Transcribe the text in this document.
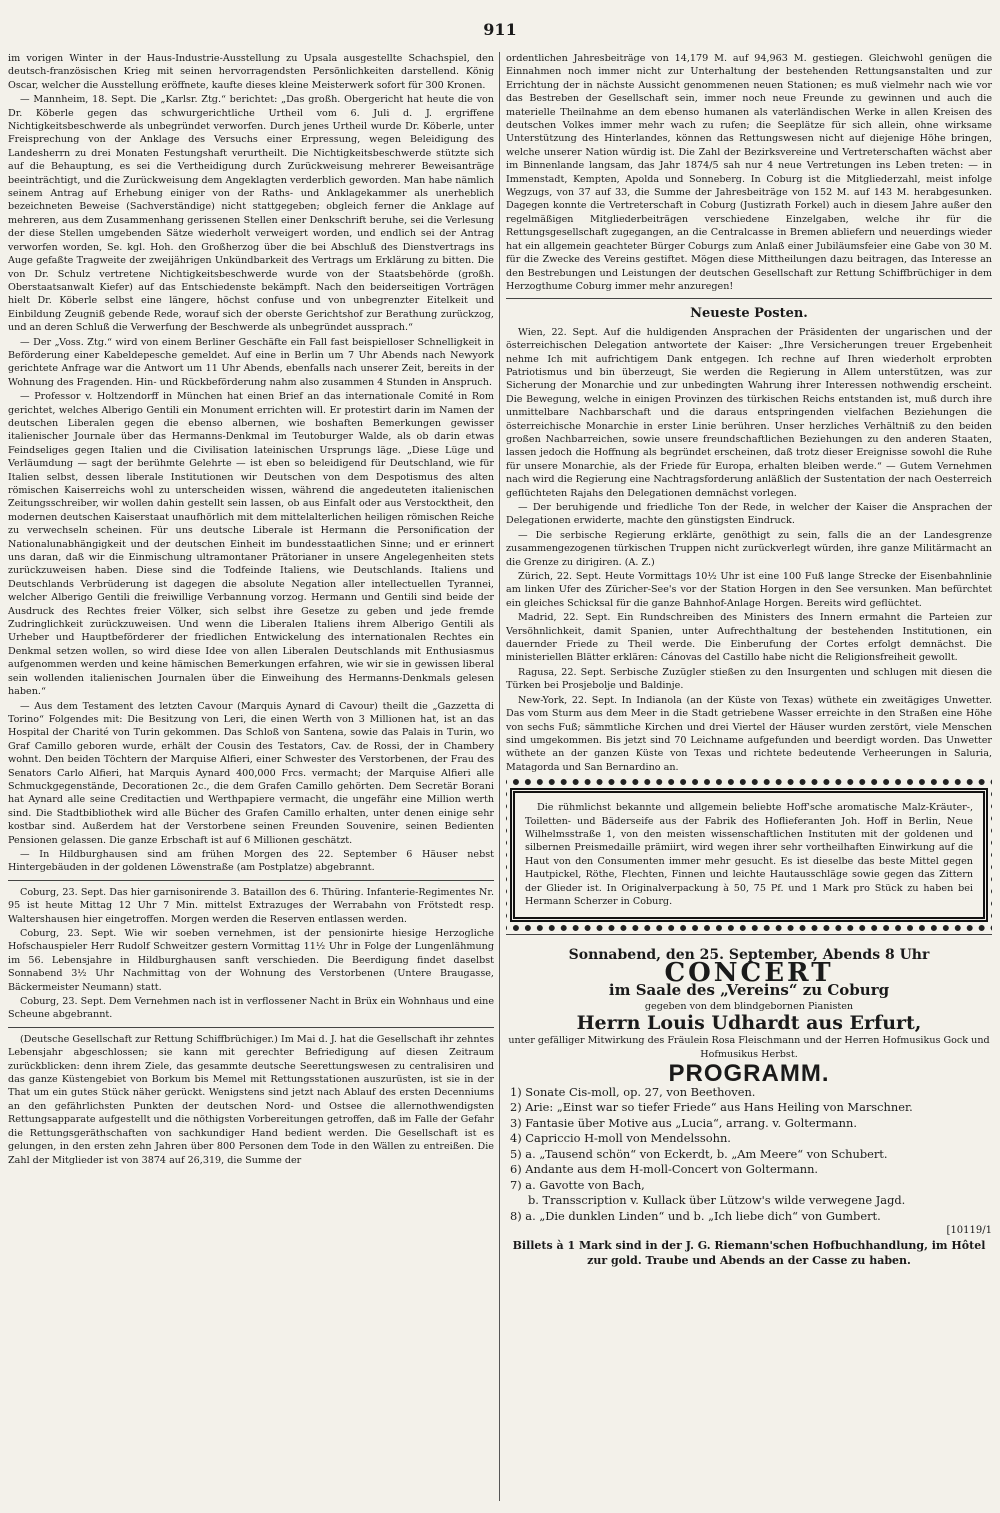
911

im vorigen Winter in der Haus-Industrie-Ausstellung zu Upsala ausgestellte Schachspiel, den deutsch-französischen Krieg mit seinen hervorragendsten Persönlichkeiten darstellend. König Oscar, welcher die Ausstellung eröffnete, kaufte dieses kleine Meisterwerk sofort für 300 Kronen.

— Mannheim, 18. Sept. Die „Karlsr. Ztg.“ berichtet: „Das großh. Obergericht hat heute die von Dr. Köberle gegen das schwurgerichtliche Urtheil vom 6. Juli d. J. ergriffene Nichtigkeitsbeschwerde als unbegründet verworfen. Durch jenes Urtheil wurde Dr. Köberle, unter Freisprechung von der Anklage des Versuchs einer Erpressung, wegen Beleidigung des Landesherrn zu drei Monaten Festungshaft verurtheilt. Die Nichtigkeitsbeschwerde stützte sich auf die Behauptung, es sei die Vertheidigung durch Zurückweisung mehrerer Beweisanträge beeinträchtigt, und die Zurückweisung dem Angeklagten verderblich geworden. Man habe nämlich seinem Antrag auf Erhebung einiger von der Raths- und Anklagekammer als unerheblich bezeichneten Beweise (Sachverständige) nicht stattgegeben; obgleich ferner die Anklage auf mehreren, aus dem Zusammenhang gerissenen Stellen einer Denkschrift beruhe, sei die Verlesung der diese Stellen umgebenden Sätze wiederholt verweigert worden, und endlich sei der Antrag verworfen worden, Se. kgl. Hoh. den Großherzog über die bei Abschluß des Dienstvertrags ins Auge gefaßte Tragweite der zweijährigen Unkündbarkeit des Vertrags um Erklärung zu bitten. Die von Dr. Schulz vertretene Nichtigkeitsbeschwerde wurde von der Staatsbehörde (großh. Oberstaatsanwalt Kiefer) auf das Entschiedenste bekämpft. Nach den beiderseitigen Vorträgen hielt Dr. Köberle selbst eine längere, höchst confuse und von unbegrenzter Eitelkeit und Einbildung Zeugniß gebende Rede, worauf sich der oberste Gerichtshof zur Berathung zurückzog, und an deren Schluß die Verwerfung der Beschwerde als unbegründet aussprach.“

— Der „Voss. Ztg.“ wird von einem Berliner Geschäfte ein Fall fast beispielloser Schnelligkeit in Beförderung einer Kabeldepesche gemeldet. Auf eine in Berlin um 7 Uhr Abends nach Newyork gerichtete Anfrage war die Antwort um 11 Uhr Abends, ebenfalls nach unserer Zeit, bereits in der Wohnung des Fragenden. Hin- und Rückbeförderung nahm also zusammen 4 Stunden in Anspruch.

— Professor v. Holtzendorff in München hat einen Brief an das internationale Comité in Rom gerichtet, welches Alberigo Gentili ein Monument errichten will. Er protestirt darin im Namen der deutschen Liberalen gegen die ebenso albernen, wie boshaften Bemerkungen gewisser italienischer Journale über das Hermanns-Denkmal im Teutoburger Walde, als ob darin etwas Feindseliges gegen Italien und die Civilisation lateinischen Ursprungs läge. „Diese Lüge und Verläumdung — sagt der berühmte Gelehrte — ist eben so beleidigend für Deutschland, wie für Italien selbst, dessen liberale Institutionen wir Deutschen von dem Despotismus des alten römischen Kaiserreichs wohl zu unterscheiden wissen, während die angedeuteten italienischen Zeitungsschreiber, wir wollen dahin gestellt sein lassen, ob aus Einfalt oder aus Verstocktheit, den modernen deutschen Kaiserstaat unaufhörlich mit dem mittelalterlichen heiligen römischen Reiche zu verwechseln scheinen. Für uns deutsche Liberale ist Hermann die Personification der Nationalunabhängigkeit und der deutschen Einheit im bundesstaatlichen Sinne; und er erinnert uns daran, daß wir die Einmischung ultramontaner Prätorianer in unsere Angelegenheiten stets zurückzuweisen haben. Diese sind die Todfeinde Italiens, wie Deutschlands. Italiens und Deutschlands Verbrüderung ist dagegen die absolute Negation aller intellectuellen Tyrannei, welcher Alberigo Gentili die freiwillige Verbannung vorzog. Hermann und Gentili sind beide der Ausdruck des Rechtes freier Völker, sich selbst ihre Gesetze zu geben und jede fremde Zudringlichkeit zurückzuweisen. Und wenn die Liberalen Italiens ihrem Alberigo Gentili als Urheber und Hauptbeförderer der friedlichen Entwickelung des internationalen Rechtes ein Denkmal setzen wollen, so wird diese Idee von allen Liberalen Deutschlands mit Enthusiasmus aufgenommen werden und keine hämischen Bemerkungen erfahren, wie wir sie in gewissen liberal sein wollenden italienischen Journalen über die Einweihung des Hermanns-Denkmals gelesen haben.“

— Aus dem Testament des letzten Cavour (Marquis Aynard di Cavour) theilt die „Gazzetta di Torino“ Folgendes mit: Die Besitzung von Leri, die einen Werth von 3 Millionen hat, ist an das Hospital der Charité von Turin gekommen. Das Schloß von Santena, sowie das Palais in Turin, wo Graf Camillo geboren wurde, erhält der Cousin des Testators, Cav. de Rossi, der in Chambery wohnt. Den beiden Töchtern der Marquise Alfieri, einer Schwester des Verstorbenen, der Frau des Senators Carlo Alfieri, hat Marquis Aynard 400,000 Frcs. vermacht; der Marquise Alfieri alle Schmuckgegenstände, Decorationen 2c., die dem Grafen Camillo gehörten. Dem Secretär Borani hat Aynard alle seine Creditactien und Werthpapiere vermacht, die ungefähr eine Million werth sind. Die Stadtbibliothek wird alle Bücher des Grafen Camillo erhalten, unter denen einige sehr kostbar sind. Außerdem hat der Verstorbene seinen Freunden Souvenire, seinen Bedienten Pensionen gelassen. Die ganze Erbschaft ist auf 6 Millionen geschätzt.

— In Hildburghausen sind am frühen Morgen des 22. September 6 Häuser nebst Hintergebäuden in der goldenen Löwenstraße (am Postplatze) abgebrannt.

Coburg, 23. Sept. Das hier garnisonirende 3. Bataillon des 6. Thüring. Infanterie-Regimentes Nr. 95 ist heute Mittag 12 Uhr 7 Min. mittelst Extrazuges der Werrabahn von Frötstedt resp. Waltershausen hier eingetroffen. Morgen werden die Reserven entlassen werden.

Coburg, 23. Sept. Wie wir soeben vernehmen, ist der pensionirte hiesige Herzogliche Hofschauspieler Herr Rudolf Schweitzer gestern Vormittag 11½ Uhr in Folge der Lungenlähmung im 56. Lebensjahre in Hildburghausen sanft verschieden. Die Beerdigung findet daselbst Sonnabend 3½ Uhr Nachmittag von der Wohnung des Verstorbenen (Untere Braugasse, Bäckermeister Neumann) statt.

Coburg, 23. Sept. Dem Vernehmen nach ist in verflossener Nacht in Brüx ein Wohnhaus und eine Scheune abgebrannt.

(Deutsche Gesellschaft zur Rettung Schiffbrüchiger.) Im Mai d. J. hat die Gesellschaft ihr zehntes Lebensjahr abgeschlossen; sie kann mit gerechter Befriedigung auf diesen Zeitraum zurückblicken: denn ihrem Ziele, das gesammte deutsche Seerettungswesen zu centralisiren und das ganze Küstengebiet von Borkum bis Memel mit Rettungsstationen auszurüsten, ist sie in der That um ein gutes Stück näher gerückt. Wenigstens sind jetzt nach Ablauf des ersten Decenniums an den gefährlichsten Punkten der deutschen Nord- und Ostsee die allernothwendigsten Rettungsapparate aufgestellt und die nöthigsten Vorbereitungen getroffen, daß im Falle der Gefahr die Rettungsgeräthschaften von sachkundiger Hand bedient werden. Die Gesellschaft ist es gelungen, in den ersten zehn Jahren über 800 Personen dem Tode in den Wällen zu entreißen. Die Zahl der Mitglieder ist von 3874 auf 26,319, die Summe der

ordentlichen Jahresbeiträge von 14,179 M. auf 94,963 M. gestiegen. Gleichwohl genügen die Einnahmen noch immer nicht zur Unterhaltung der bestehenden Rettungsanstalten und zur Errichtung der in nächste Aussicht genommenen neuen Stationen; es muß vielmehr nach wie vor das Bestreben der Gesellschaft sein, immer noch neue Freunde zu gewinnen und auch die materielle Theilnahme an dem ebenso humanen als vaterländischen Werke in allen Kreisen des deutschen Volkes immer mehr wach zu rufen; die Seeplätze für sich allein, ohne wirksame Unterstützung des Hinterlandes, können das Rettungswesen nicht auf diejenige Höhe bringen, welche unserer Nation würdig ist. Die Zahl der Bezirksvereine und Vertreterschaften wächst aber im Binnenlande langsam, das Jahr 1874/5 sah nur 4 neue Vertretungen ins Leben treten: — in Immenstadt, Kempten, Apolda und Sonneberg. In Coburg ist die Mitgliederzahl, meist infolge Wegzugs, von 37 auf 33, die Summe der Jahresbeiträge von 152 M. auf 143 M. herabgesunken. Dagegen konnte die Vertreterschaft in Coburg (Justizrath Forkel) auch in diesem Jahre außer den regelmäßigen Mitgliederbeiträgen verschiedene Einzelgaben, welche ihr für die Rettungsgesellschaft zugegangen, an die Centralcasse in Bremen abliefern und neuerdings wieder hat ein allgemein geachteter Bürger Coburgs zum Anlaß einer Jubiläumsfeier eine Gabe von 30 M. für die Zwecke des Vereins gestiftet. Mögen diese Mittheilungen dazu beitragen, das Interesse an den Bestrebungen und Leistungen der deutschen Gesellschaft zur Rettung Schiffbrüchiger in dem Herzogthume Coburg immer mehr anzuregen!

Neueste Posten.

Wien, 22. Sept. Auf die huldigenden Ansprachen der Präsidenten der ungarischen und der österreichischen Delegation antwortete der Kaiser: „Ihre Versicherungen treuer Ergebenheit nehme Ich mit aufrichtigem Dank entgegen. Ich rechne auf Ihren wiederholt erprobten Patriotismus und bin überzeugt, Sie werden die Regierung in Allem unterstützen, was zur Sicherung der Monarchie und zur unbedingten Wahrung ihrer Interessen nothwendig erscheint. Die Bewegung, welche in einigen Provinzen des türkischen Reichs entstanden ist, muß durch ihre unmittelbare Nachbarschaft und die daraus entspringenden vielfachen Beziehungen die österreichische Monarchie in erster Linie berühren. Unser herzliches Verhältniß zu den beiden großen Nachbarreichen, sowie unsere freundschaftlichen Beziehungen zu den anderen Staaten, lassen jedoch die Hoffnung als begründet erscheinen, daß trotz dieser Ereignisse sowohl die Ruhe für unsere Monarchie, als der Friede für Europa, erhalten bleiben werde.“ — Gutem Vernehmen nach wird die Regierung eine Nachtragsforderung anläßlich der Sustentation der nach Oesterreich geflüchteten Rajahs den Delegationen demnächst vorlegen.

— Der beruhigende und friedliche Ton der Rede, in welcher der Kaiser die Ansprachen der Delegationen erwiderte, machte den günstigsten Eindruck.

— Die serbische Regierung erklärte, genöthigt zu sein, falls die an der Landesgrenze zusammengezogenen türkischen Truppen nicht zurückverlegt würden, ihre ganze Militärmacht an die Grenze zu dirigiren. (A. Z.)

Zürich, 22. Sept. Heute Vormittags 10½ Uhr ist eine 100 Fuß lange Strecke der Eisenbahnlinie am linken Ufer des Züricher-See's vor der Station Horgen in den See versunken. Man befürchtet ein gleiches Schicksal für die ganze Bahnhof-Anlage Horgen. Bereits wird geflüchtet.

Madrid, 22. Sept. Ein Rundschreiben des Ministers des Innern ermahnt die Parteien zur Versöhnlichkeit, damit Spanien, unter Aufrechthaltung der bestehenden Institutionen, ein dauernder Friede zu Theil werde. Die Einberufung der Cortes erfolgt demnächst. Die ministeriellen Blätter erklären: Cánovas del Castillo habe nicht die Religionsfreiheit gewollt.

Ragusa, 22. Sept. Serbische Zuzügler stießen zu den Insurgenten und schlugen mit diesen die Türken bei Prosjebolje und Baldinje.

New-York, 22. Sept. In Indianola (an der Küste von Texas) wüthete ein zweitägiges Unwetter. Das vom Sturm aus dem Meer in die Stadt getriebene Wasser erreichte in den Straßen eine Höhe von sechs Fuß; sämmtliche Kirchen und drei Viertel der Häuser wurden zerstört, viele Menschen sind umgekommen. Bis jetzt sind 70 Leichname aufgefunden und beerdigt worden. Das Unwetter wüthete an der ganzen Küste von Texas und richtete bedeutende Verheerungen in Saluria, Matagorda und San Bernardino an.

Die rühmlichst bekannte und allgemein beliebte Hoff'sche aromatische Malz-Kräuter-, Toiletten- und Bäderseife aus der Fabrik des Hoflieferanten Joh. Hoff in Berlin, Neue Wilhelmsstraße 1, von den meisten wissenschaftlichen Instituten mit der goldenen und silbernen Preismedaille prämiirt, wird wegen ihrer sehr vortheilhaften Einwirkung auf die Haut von den Consumenten immer mehr gesucht. Es ist dieselbe das beste Mittel gegen Hautpickel, Röthe, Flechten, Finnen und leichte Hautausschläge sowie gegen das Zittern der Glieder ist. In Originalverpackung à 50, 75 Pf. und 1 Mark pro Stück zu haben bei Hermann Scherzer in Coburg.

Sonnabend, den 25. September, Abends 8 Uhr
CONCERT
im Saale des „Vereins“ zu Coburg
gegeben von dem blindgebornen Pianisten
Herrn Louis Udhardt aus Erfurt,
unter gefälliger Mitwirkung des Fräulein Rosa Fleischmann und der Herren Hofmusikus Gock und Hofmusikus Herbst.
PROGRAMM.
1) Sonate Cis-moll, op. 27, von Beethoven.
2) Arie: „Einst war so tiefer Friede“ aus Hans Heiling von Marschner.
3) Fantasie über Motive aus „Lucia“, arrang. v. Goltermann.
4) Capriccio H-moll von Mendelssohn.
5) a. „Tausend schön“ von Eckerdt, b. „Am Meere“ von Schubert.
6) Andante aus dem H-moll-Concert von Goltermann.
7) a. Gavotte von Bach,
b. Transscription v. Kullack über Lützow's wilde verwegene Jagd.
8) a. „Die dunklen Linden“ und b. „Ich liebe dich“ von Gumbert.
[10119/1
Billets à 1 Mark sind in der J. G. Riemann'schen Hofbuchhandlung, im Hôtel zur gold. Traube und Abends an der Casse zu haben.
